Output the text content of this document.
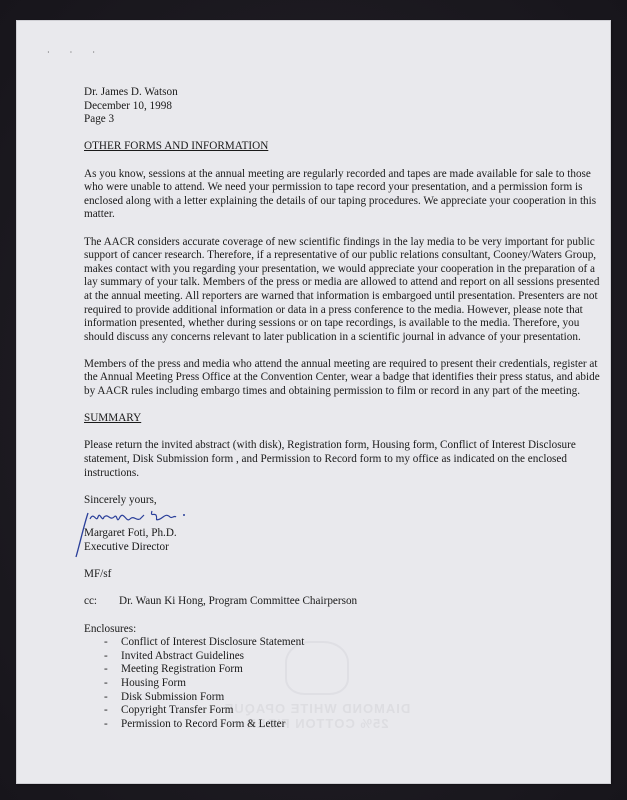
· · ·
DIAMOND WHITE OPAQUE
25% COTTON FIBER
Dr. James D. Watson
December 10, 1998
Page 3

OTHER FORMS AND INFORMATION

As you know, sessions at the annual meeting are regularly recorded and tapes are made available for sale to those who were unable to attend. We need your permission to tape record your presentation, and a permission form is enclosed along with a letter explaining the details of our taping procedures. We appreciate your cooperation in this matter.

The AACR considers accurate coverage of new scientific findings in the lay media to be very important for public support of cancer research. Therefore, if a representative of our public relations consultant, Cooney/Waters Group, makes contact with you regarding your presentation, we would appreciate your cooperation in the preparation of a lay summary of your talk. Members of the press or media are allowed to attend and report on all sessions presented at the annual meeting. All reporters are warned that information is embargoed until presentation. Presenters are not required to provide additional information or data in a press conference to the media. However, please note that information presented, whether during sessions or on tape recordings, is available to the media. Therefore, you should discuss any concerns relevant to later publication in a scientific journal in advance of your presentation.

Members of the press and media who attend the annual meeting are required to present their credentials, register at the Annual Meeting Press Office at the Convention Center, wear a badge that identifies their press status, and abide by AACR rules including embargo times and obtaining permission to film or record in any part of the meeting.

SUMMARY

Please return the invited abstract (with disk), Registration form, Housing form, Conflict of Interest Disclosure statement, Disk Submission form , and Permission to Record form to my office as indicated on the enclosed instructions.

Sincerely yours,

Margaret Foti, Ph.D.
Executive Director

MF/sf

cc:	Dr. Waun Ki Hong, Program Committee Chairperson

Enclosures:
-	Conflict of Interest Disclosure Statement
-	Invited Abstract Guidelines
-	Meeting Registration Form
-	Housing Form
-	Disk Submission Form
-	Copyright Transfer Form
-	Permission to Record Form & Letter
